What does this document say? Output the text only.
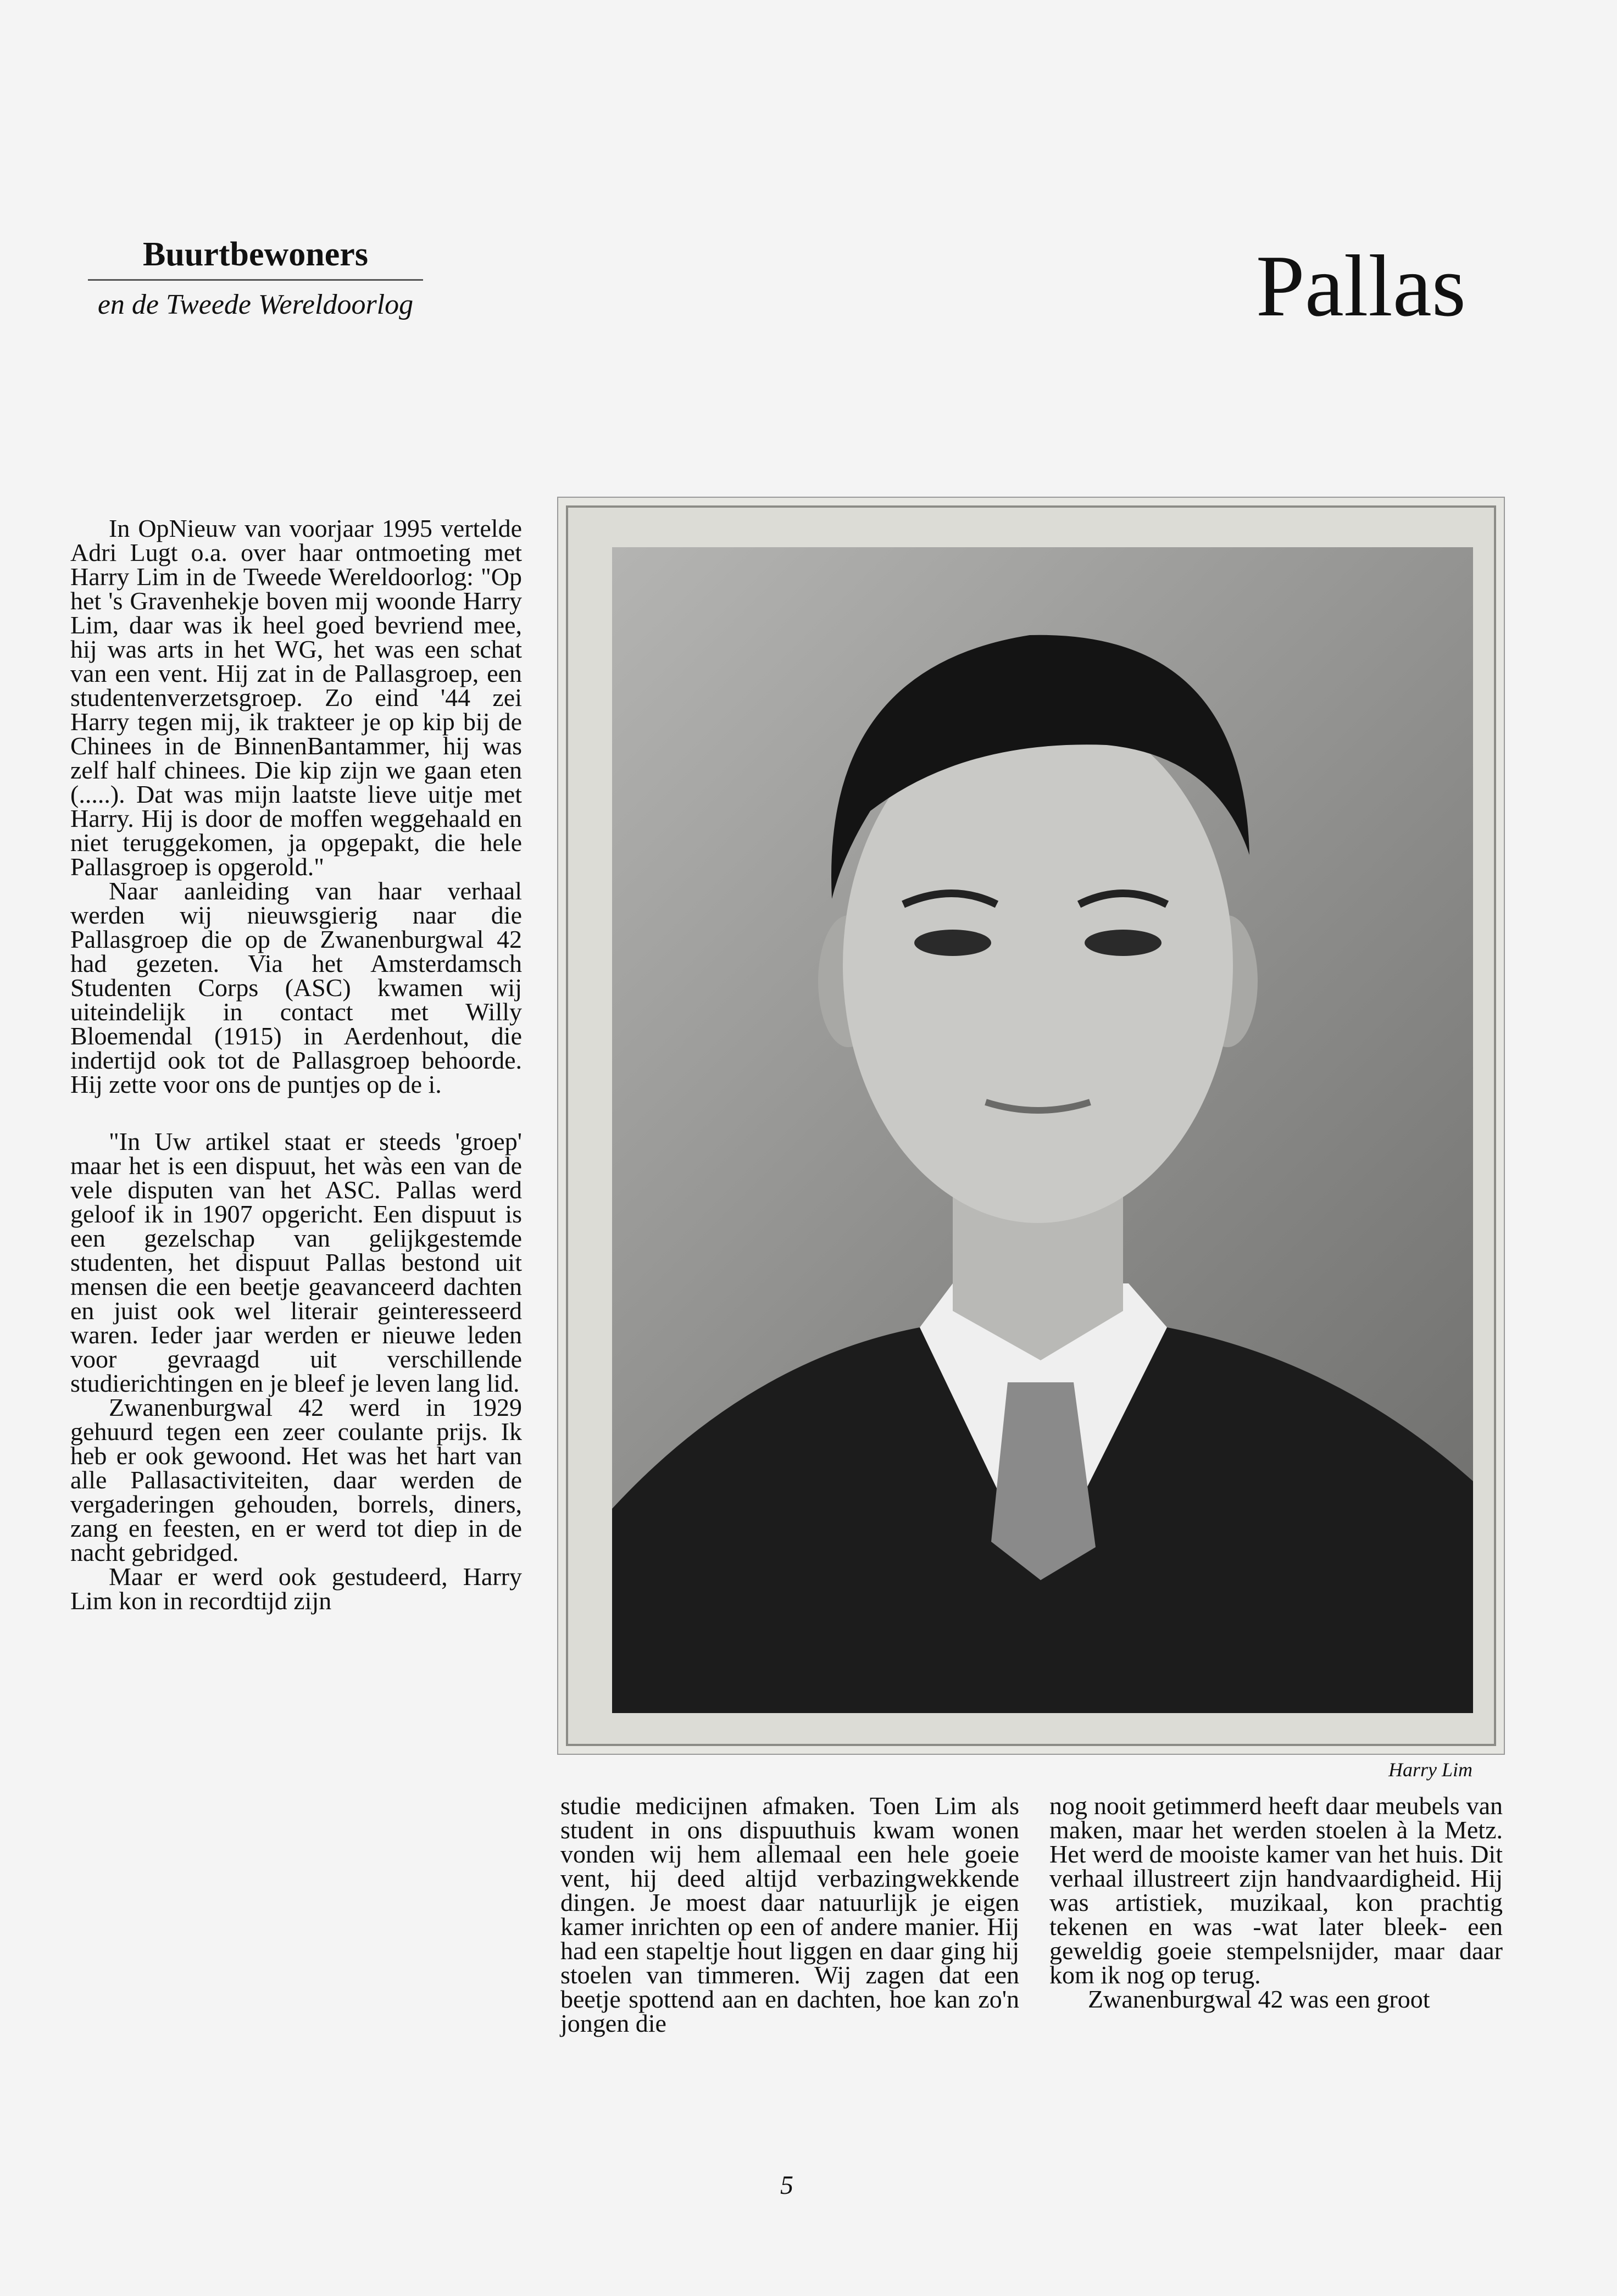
Buurtbewoners
en de Tweede Wereldoorlog	Pallas

In OpNieuw van voorjaar 1995 vertelde Adri Lugt o.a. over haar ontmoeting met Harry Lim in de Tweede Wereldoorlog: "Op het 's Gravenhekje boven mij woonde Harry Lim, daar was ik heel goed bevriend mee, hij was arts in het WG, het was een schat van een vent. Hij zat in de Pallasgroep, een studentenverzetsgroep. Zo eind '44 zei Harry tegen mij, ik trakteer je op kip bij de Chinees in de BinnenBantammer, hij was zelf half chinees. Die kip zijn we gaan eten (.....). Dat was mijn laatste lieve uitje met Harry. Hij is door de moffen weggehaald en niet teruggekomen, ja opgepakt, die hele Pallasgroep is opgerold."

Naar aanleiding van haar verhaal werden wij nieuwsgierig naar die Pallasgroep die op de Zwanenburgwal 42 had gezeten. Via het Amsterdamsch Studenten Corps (ASC) kwamen wij uiteindelijk in contact met Willy Bloemendal (1915) in Aerdenhout, die indertijd ook tot de Pallasgroep behoorde. Hij zette voor ons de puntjes op de i.

"In Uw artikel staat er steeds 'groep' maar het is een dispuut, het wàs een van de vele disputen van het ASC. Pallas werd geloof ik in 1907 opgericht. Een dispuut is een gezelschap van gelijkgestemde studenten, het dispuut Pallas bestond uit mensen die een beetje geavanceerd dachten en juist ook wel literair geinteresseerd waren. Ieder jaar werden er nieuwe leden voor gevraagd uit verschillende studierichtingen en je bleef je leven lang lid.

Zwanenburgwal 42 werd in 1929 gehuurd tegen een zeer coulante prijs. Ik heb er ook gewoond. Het was het hart van alle Pallasactiviteiten, daar werden de vergaderingen gehouden, borrels, diners, zang en feesten, en er werd tot diep in de nacht gebridged.

Maar er werd ook gestudeerd, Harry Lim kon in recordtijd zijn

Harry Lim

studie medicijnen afmaken. Toen Lim als student in ons dispuuthuis kwam wonen vonden wij hem allemaal een hele goeie vent, hij deed altijd verbazingwekkende dingen. Je moest daar natuurlijk je eigen kamer inrichten op een of andere manier. Hij had een stapeltje hout liggen en daar ging hij stoelen van timmeren. Wij zagen dat een beetje spottend aan en dachten, hoe kan zo'n jongen die

nog nooit getimmerd heeft daar meubels van maken, maar het werden stoelen à la Metz. Het werd de mooiste kamer van het huis. Dit verhaal illustreert zijn handvaardigheid. Hij was artistiek, muzikaal, kon prachtig tekenen en was -wat later bleek- een geweldig goeie stempelsnijder, maar daar kom ik nog op terug.

Zwanenburgwal 42 was een groot

5
